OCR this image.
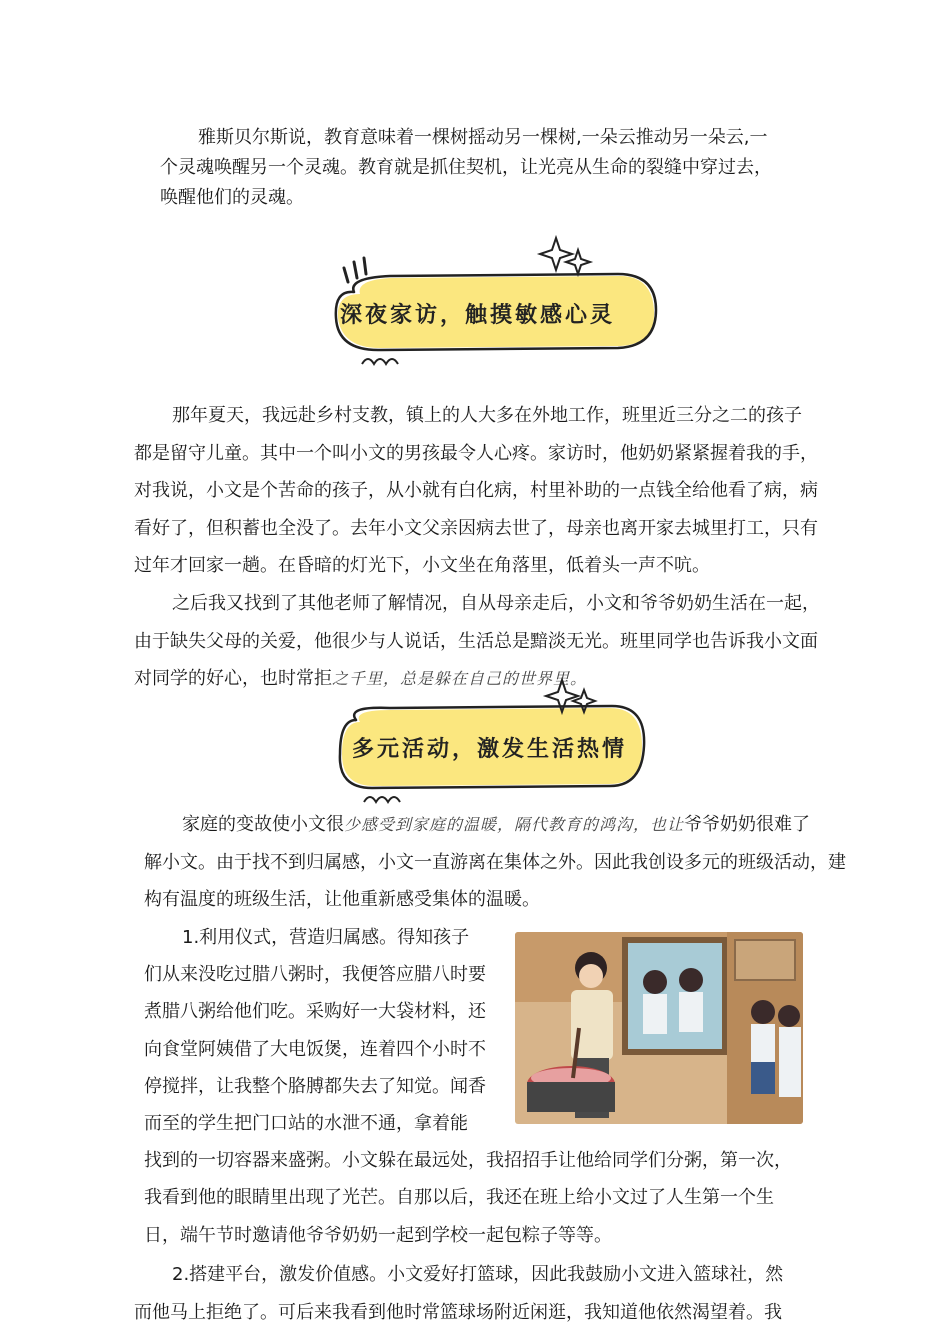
雅斯贝尔斯说，教育意味着一棵树摇动另一棵树,一朵云推动另一朵云,一
个灵魂唤醒另一个灵魂。教育就是抓住契机，让光亮从生命的裂缝中穿过去，
唤醒他们的灵魂。
深夜家访，触摸敏感心灵
那年夏天，我远赴乡村支教，镇上的人大多在外地工作，班里近三分之二的孩子
都是留守儿童。其中一个叫小文的男孩最令人心疼。家访时，他奶奶紧紧握着我的手，
对我说，小文是个苦命的孩子，从小就有白化病，村里补助的一点钱全给他看了病，病
看好了，但积蓄也全没了。去年小文父亲因病去世了，母亲也离开家去城里打工，只有
过年才回家一趟。在昏暗的灯光下，小文坐在角落里，低着头一声不吭。
之后我又找到了其他老师了解情况，自从母亲走后，小文和爷爷奶奶生活在一起，
由于缺失父母的关爱，他很少与人说话，生活总是黯淡无光。班里同学也告诉我小文面
对同学的好心，也时常拒之千里，总是躲在自己的世界里。
多元活动，激发生活热情
家庭的变故使小文很少感受到家庭的温暖，隔代教育的鸿沟，也让爷爷奶奶很难了
解小文。由于找不到归属感，小文一直游离在集体之外。因此我创设多元的班级活动，建
构有温度的班级生活，让他重新感受集体的温暖。
1.利用仪式，营造归属感。得知孩子
们从来没吃过腊八粥时，我便答应腊八时要
煮腊八粥给他们吃。采购好一大袋材料，还
向食堂阿姨借了大电饭煲，连着四个小时不
停搅拌，让我整个胳膊都失去了知觉。闻香
而至的学生把门口站的水泄不通，拿着能
找到的一切容器来盛粥。小文躲在最远处，我招招手让他给同学们分粥，第一次，
我看到他的眼睛里出现了光芒。自那以后，我还在班上给小文过了人生第一个生
日，端午节时邀请他爷爷奶奶一起到学校一起包粽子等等。
2.搭建平台，激发价值感。小文爱好打篮球，因此我鼓励小文进入篮球社，然
而他马上拒绝了。可后来我看到他时常篮球场附近闲逛，我知道他依然渴望着。我
